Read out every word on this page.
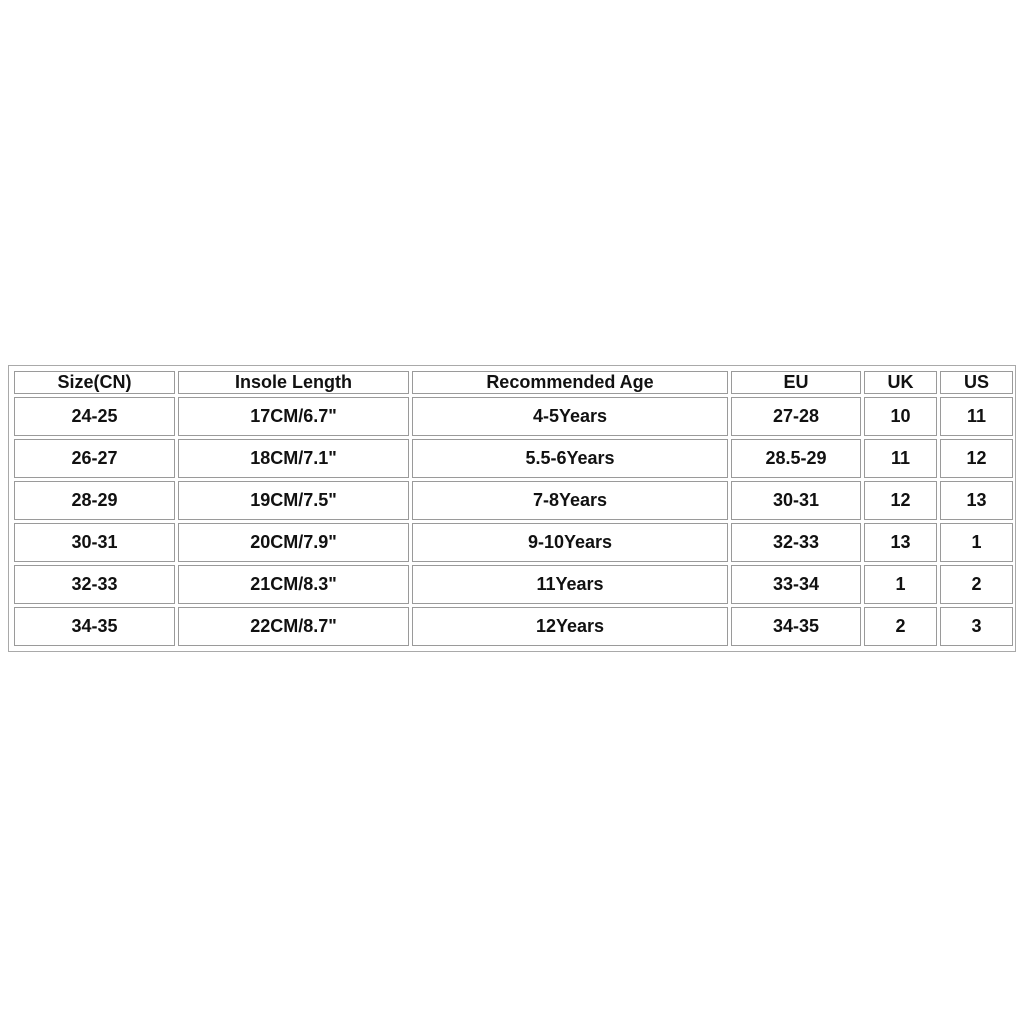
Size(CN)	Insole Length	Recommended Age	EU	UK	US
24-25	17CM/6.7"	4-5Years	27-28	10	11
26-27	18CM/7.1"	5.5-6Years	28.5-29	11	12
28-29	19CM/7.5"	7-8Years	30-31	12	13
30-31	20CM/7.9"	9-10Years	32-33	13	1
32-33	21CM/8.3"	11Years	33-34	1	2
34-35	22CM/8.7"	12Years	34-35	2	3
